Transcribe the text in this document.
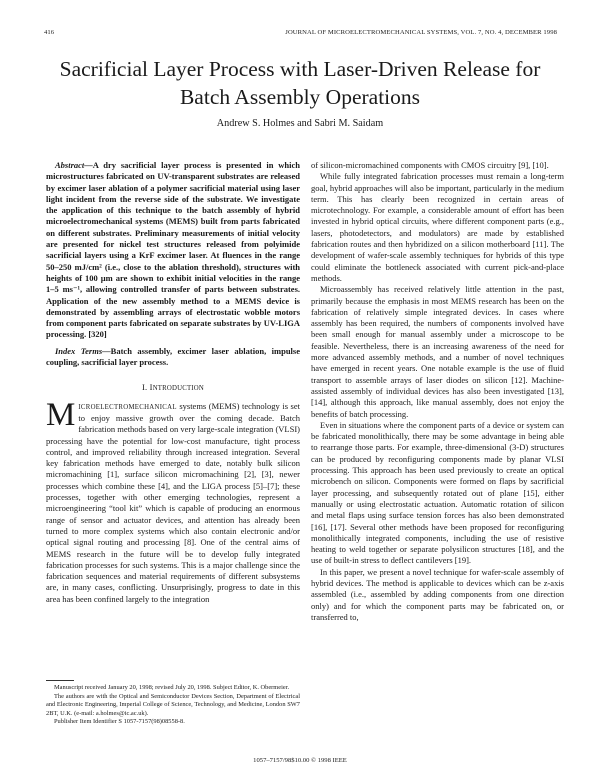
416	JOURNAL OF MICROELECTROMECHANICAL SYSTEMS, VOL. 7, NO. 4, DECEMBER 1998
Sacrificial Layer Process with Laser-Driven Release for Batch Assembly Operations
Andrew S. Holmes and Sabri M. Saidam

Abstract—A dry sacrificial layer process is presented in which microstructures fabricated on UV-transparent substrates are released by excimer laser ablation of a polymer sacrificial material using laser light incident from the reverse side of the substrate. We investigate the application of this technique to the batch assembly of hybrid microelectromechanical systems (MEMS) built from parts fabricated on different substrates. Preliminary measurements of initial velocity are presented for nickel test structures released from polyimide sacrificial layers using a KrF excimer laser. At fluences in the range 50–250 mJ/cm² (i.e., close to the ablation threshold), structures with heights of 100 µm are shown to exhibit initial velocities in the range 1–5 ms⁻¹, allowing controlled transfer of parts between substrates. Application of the new assembly method to a MEMS device is demonstrated by assembling arrays of electrostatic wobble motors from component parts fabricated on separate substrates by UV-LIGA processing. [320]

Index Terms—Batch assembly, excimer laser ablation, impulse coupling, sacrificial layer process.

I. INTRODUCTION

MICROELECTROMECHANICAL systems (MEMS) technology is set to enjoy massive growth over the coming decade. Batch fabrication methods based on very large-scale integration (VLSI) processing have the potential for low-cost manufacture, tight process control, and improved reliability through increased integration. Several key fabrication methods have emerged to date, notably bulk silicon micromachining [1], surface silicon micromachining [2], [3], newer processes which combine these [4], and the LIGA process [5]–[7]; these processes, together with other emerging technologies, represent a microengineering “tool kit” which is capable of producing an enormous range of sensor and actuator devices, and attention has already been turned to more complex systems which also contain electronic and/or optical signal routing and processing [8]. One of the central aims of MEMS research in the future will be to develop fully integrated fabrication processes for such systems. This is a major challenge since the fabrication sequences and material requirements of different subsystems are, in many cases, conflicting. Unsurprisingly, progress to date in this area has been confined largely to the integration

of silicon-micromachined components with CMOS circuitry [9], [10].

While fully integrated fabrication processes must remain a long-term goal, hybrid approaches will also be important, particularly in the medium term. This has clearly been recognized in certain areas of microtechnology. For example, a considerable amount of effort has been invested in hybrid optical circuits, where different component parts (e.g., lasers, photodetectors, and modulators) are made by established fabrication routes and then hybridized on a silicon motherboard [11]. The development of wafer-scale assembly techniques for hybrids of this type could eliminate the bottleneck associated with current pick-and-place methods.

Microassembly has received relatively little attention in the past, primarily because the emphasis in most MEMS research has been on the fabrication of relatively simple integrated devices. In cases where assembly has been required, the numbers of components involved have been small enough for manual assembly under a microscope to be feasible. Nevertheless, there is an increasing awareness of the need for more advanced assembly methods, and a number of novel techniques have emerged in recent years. One notable example is the use of fluid transport to assemble arrays of laser diodes on silicon [12]. Machine-assisted assembly of individual devices has also been investigated [13], [14], although this approach, like manual assembly, does not enjoy the benefits of batch processing.

Even in situations where the component parts of a device or system can be fabricated monolithically, there may be some advantage in being able to rearrange those parts. For example, three-dimensional (3-D) structures can be produced by reconfiguring components made by planar VLSI processing. This approach has been used previously to create an optical microbench on silicon. Components were formed on flaps by sacrificial layer processing, and subsequently rotated out of plane [15], either manually or using electrostatic actuation. Automatic rotation of silicon and metal flaps using surface tension forces has also been demonstrated [16], [17]. Several other methods have been proposed for reconfiguring monolithically integrated components, including the use of resistive heating to weld together or separate polysilicon structures [18], and the use of built-in stress to deflect cantilevers [19].

In this paper, we present a novel technique for wafer-scale assembly of hybrid devices. The method is applicable to devices which can be z-axis assembled (i.e., assembled by adding components from one direction only) and for which the component parts may be fabricated on, or transferred to,

Manuscript received January 20, 1998; revised July 20, 1998. Subject Editor, K. Obermeier.

The authors are with the Optical and Semiconductor Devices Section, Department of Electrical and Electronic Engineering, Imperial College of Science, Technology, and Medicine, London SW7 2BT, U.K. (e-mail: a.holmes@ic.ac.uk).

Publisher Item Identifier S 1057-7157(98)08558-8.

1057–7157/98$10.00 © 1998 IEEE
